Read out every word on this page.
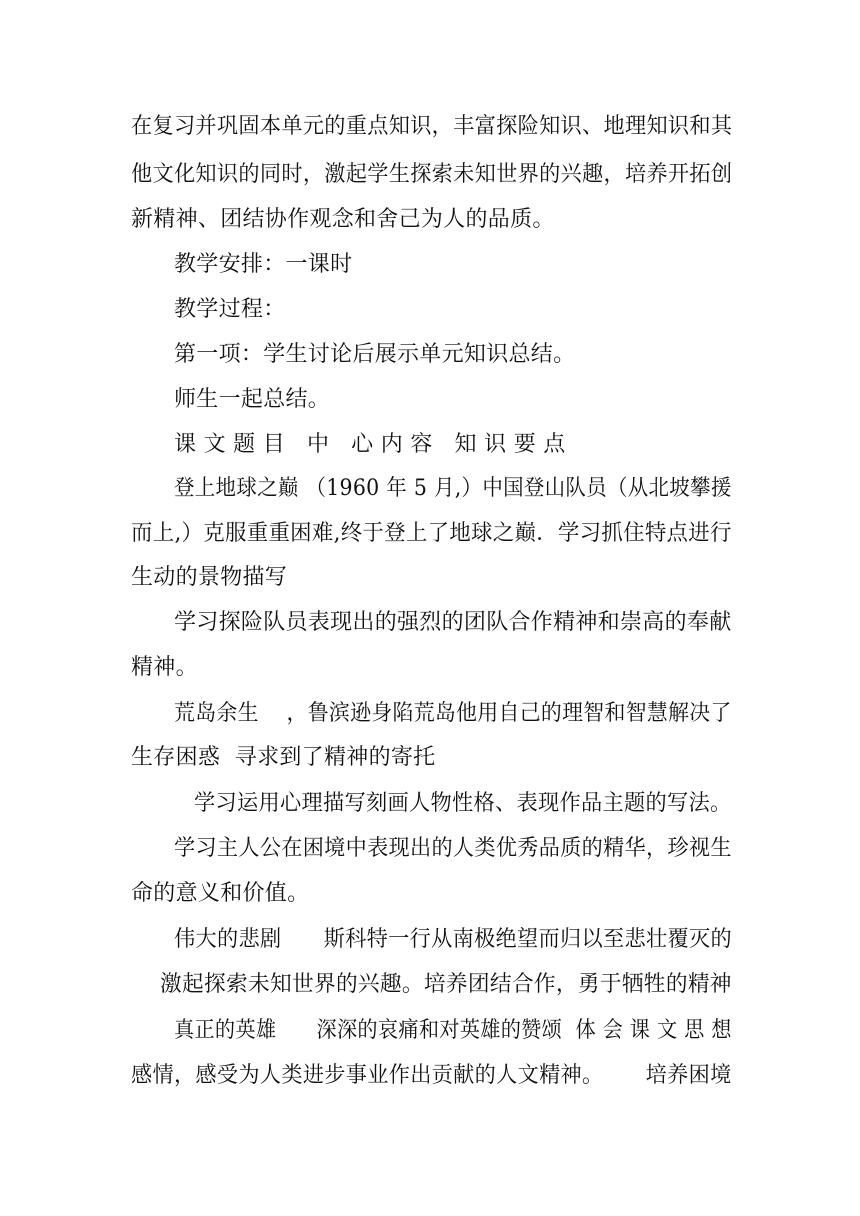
在复习并巩固本单元的重点知识，丰富探险知识、地理知识和其
他文化知识的同时，激起学生探索未知世界的兴趣，培养开拓创
新精神、团结协作观念和舍己为人的品质。
教学安排：一课时
教学过程：
第一项：学生讨论后展示单元知识总结。
师生一起总结。
课 文 题 目   中   心 内 容   知 识 要 点
登上地球之巅 （1960 年 5 月,）中国登山队员（从北坡攀援
而上,）克服重重困难,终于登上了地球之巅．学习抓住特点进行
生动的景物描写
学习探险队员表现出的强烈的团队合作精神和崇高的奉献
精神。
荒岛余生    ，鲁滨逊身陷荒岛他用自己的理智和智慧解决了
生存困惑  寻求到了精神的寄托
学习运用心理描写刻画人物性格、表现作品主题的写法。
学习主人公在困境中表现出的人类优秀品质的精华，珍视生
命的意义和价值。
伟大的悲剧      斯科特一行从南极绝望而归以至悲壮覆灭的
激起探索未知世界的兴趣。培养团结合作，勇于牺牲的精神
真正的英雄      深深的哀痛和对英雄的赞颂  体 会 课 文 思 想
感情，感受为人类进步事业作出贡献的人文精神。      培养困境
